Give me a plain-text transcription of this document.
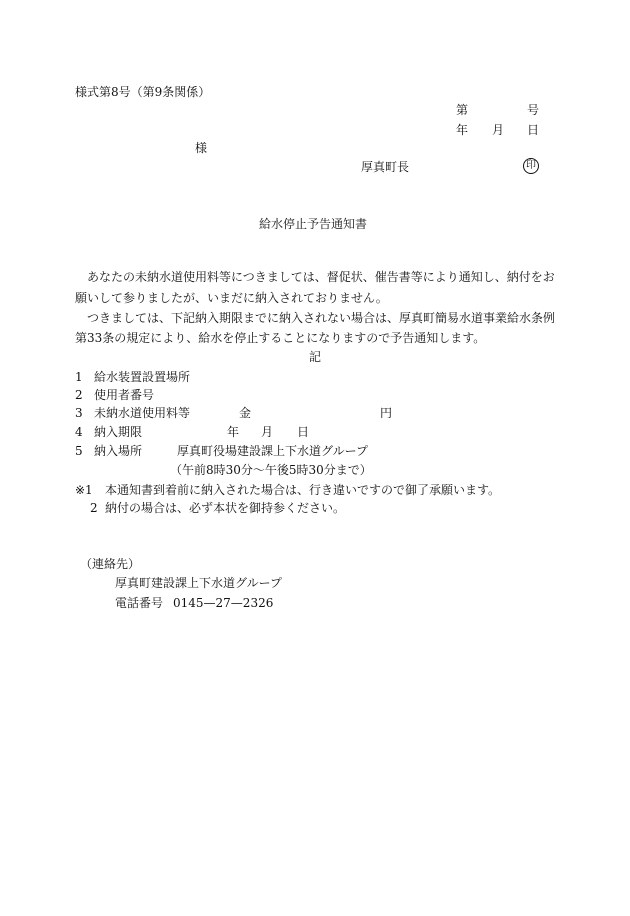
様式第8号（第9条関係）

第	号

年 月 日

様

厚真町長	印

給水停止予告通知書

あなたの未納水道使用料等につきましては、督促状、催告書等により通知し、納付をお

願いして参りましたが、いまだに納入されておりません。

つきましては、下記納入期限までに納入されない場合は、厚真町簡易水道事業給水条例

第33条の規定により、給水を停止することになりますので予告通知します。

記

1 給水装置設置場所

2 使用者番号

3 未納水道使用料等	金	円

4 納入期限	年 月 日

5 納入場所	厚真町役場建設課上下水道グループ

（午前8時30分～午後5時30分まで）

※1 本通知書到着前に納入された場合は、行き違いですので御了承願います。

2 納付の場合は、必ず本状を御持参ください。

（連絡先）

厚真町建設課上下水道グループ

電話番号 0145—27—2326
